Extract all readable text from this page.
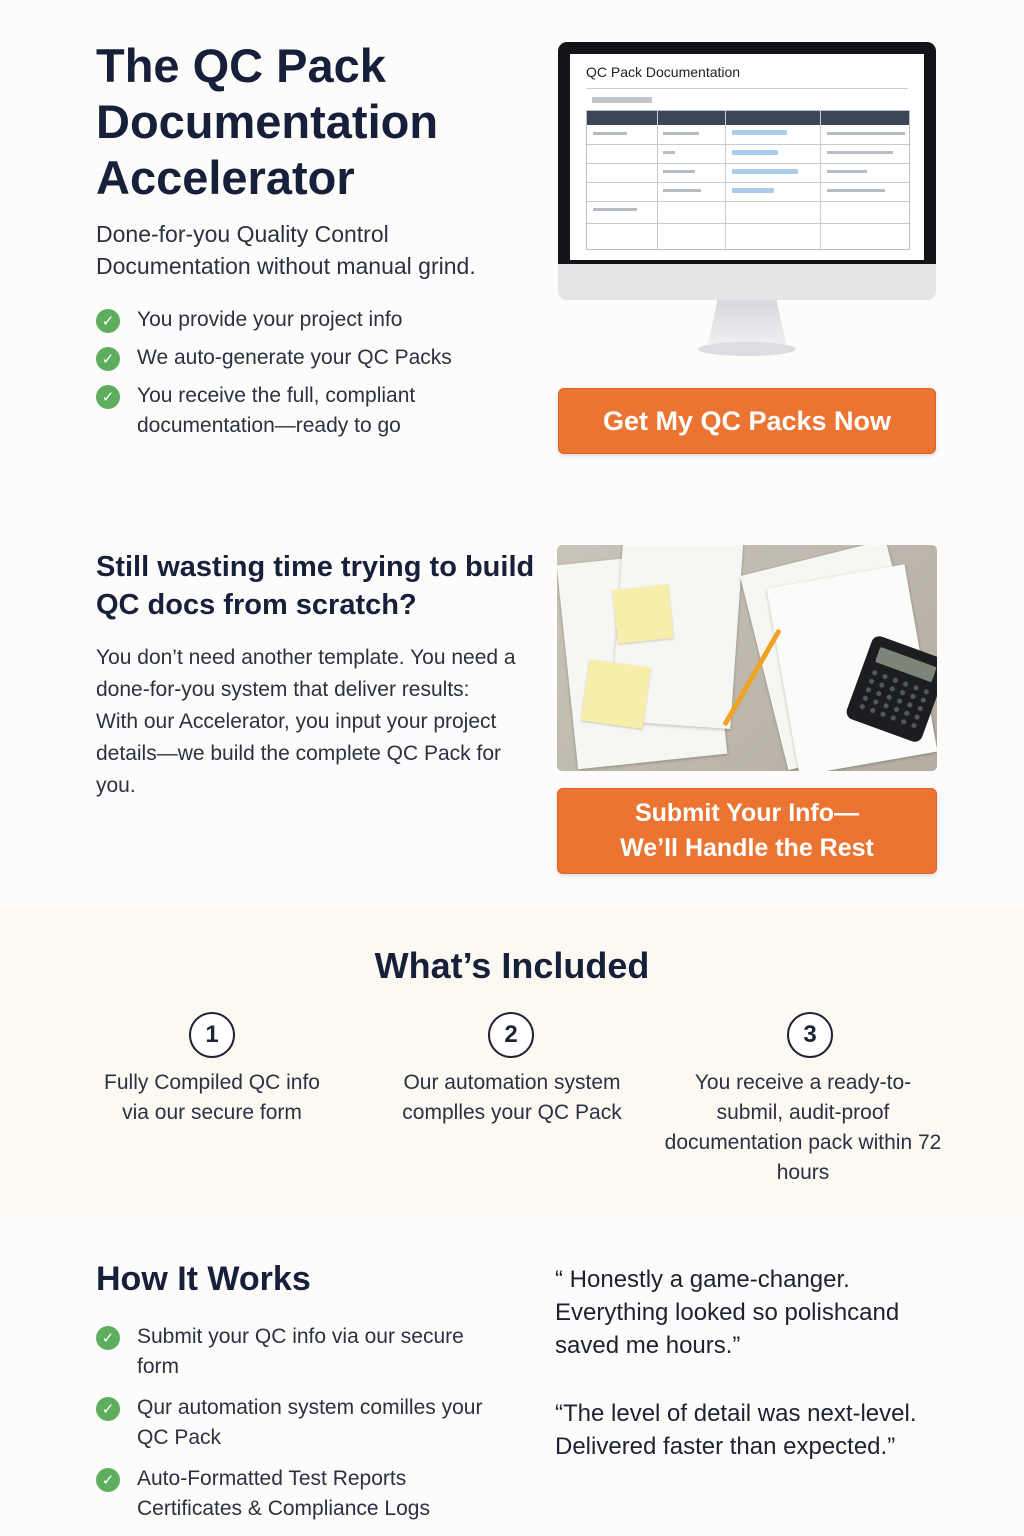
The QC Pack Documentation Accelerator

Done-for-you Quality Control Documentation without manual grind.

✓ You provide your project info
✓ We auto-generate your QC Packs
✓ You receive the full, compliant documentation—ready to go
QC Pack Documentation
Get My QC Packs Now
Still wasting time trying to build QC docs from scratch?

You don’t need another template. You need a done-for-you system that deliver results: With our Accelerator, you input your project details—we build the complete QC Pack for you.

Submit Your Info—
We’ll Handle the Rest
What’s Included
1
Fully Compiled QC info via our secure form
2
Our automation system complles your QC Pack
3
You receive a ready-to-submil, audit-proof documentation pack within 72 hours
How It Works
✓ Submit your QC info via our secure form
✓ Qur automation system comilles your QC Pack
✓ Auto-Formatted Test Reports Certificates & Compliance Logs

“ Honestly a game-changer. Everything looked so polishcand saved me hours.”

“The level of detail was next-level. Delivered faster than expected.”
